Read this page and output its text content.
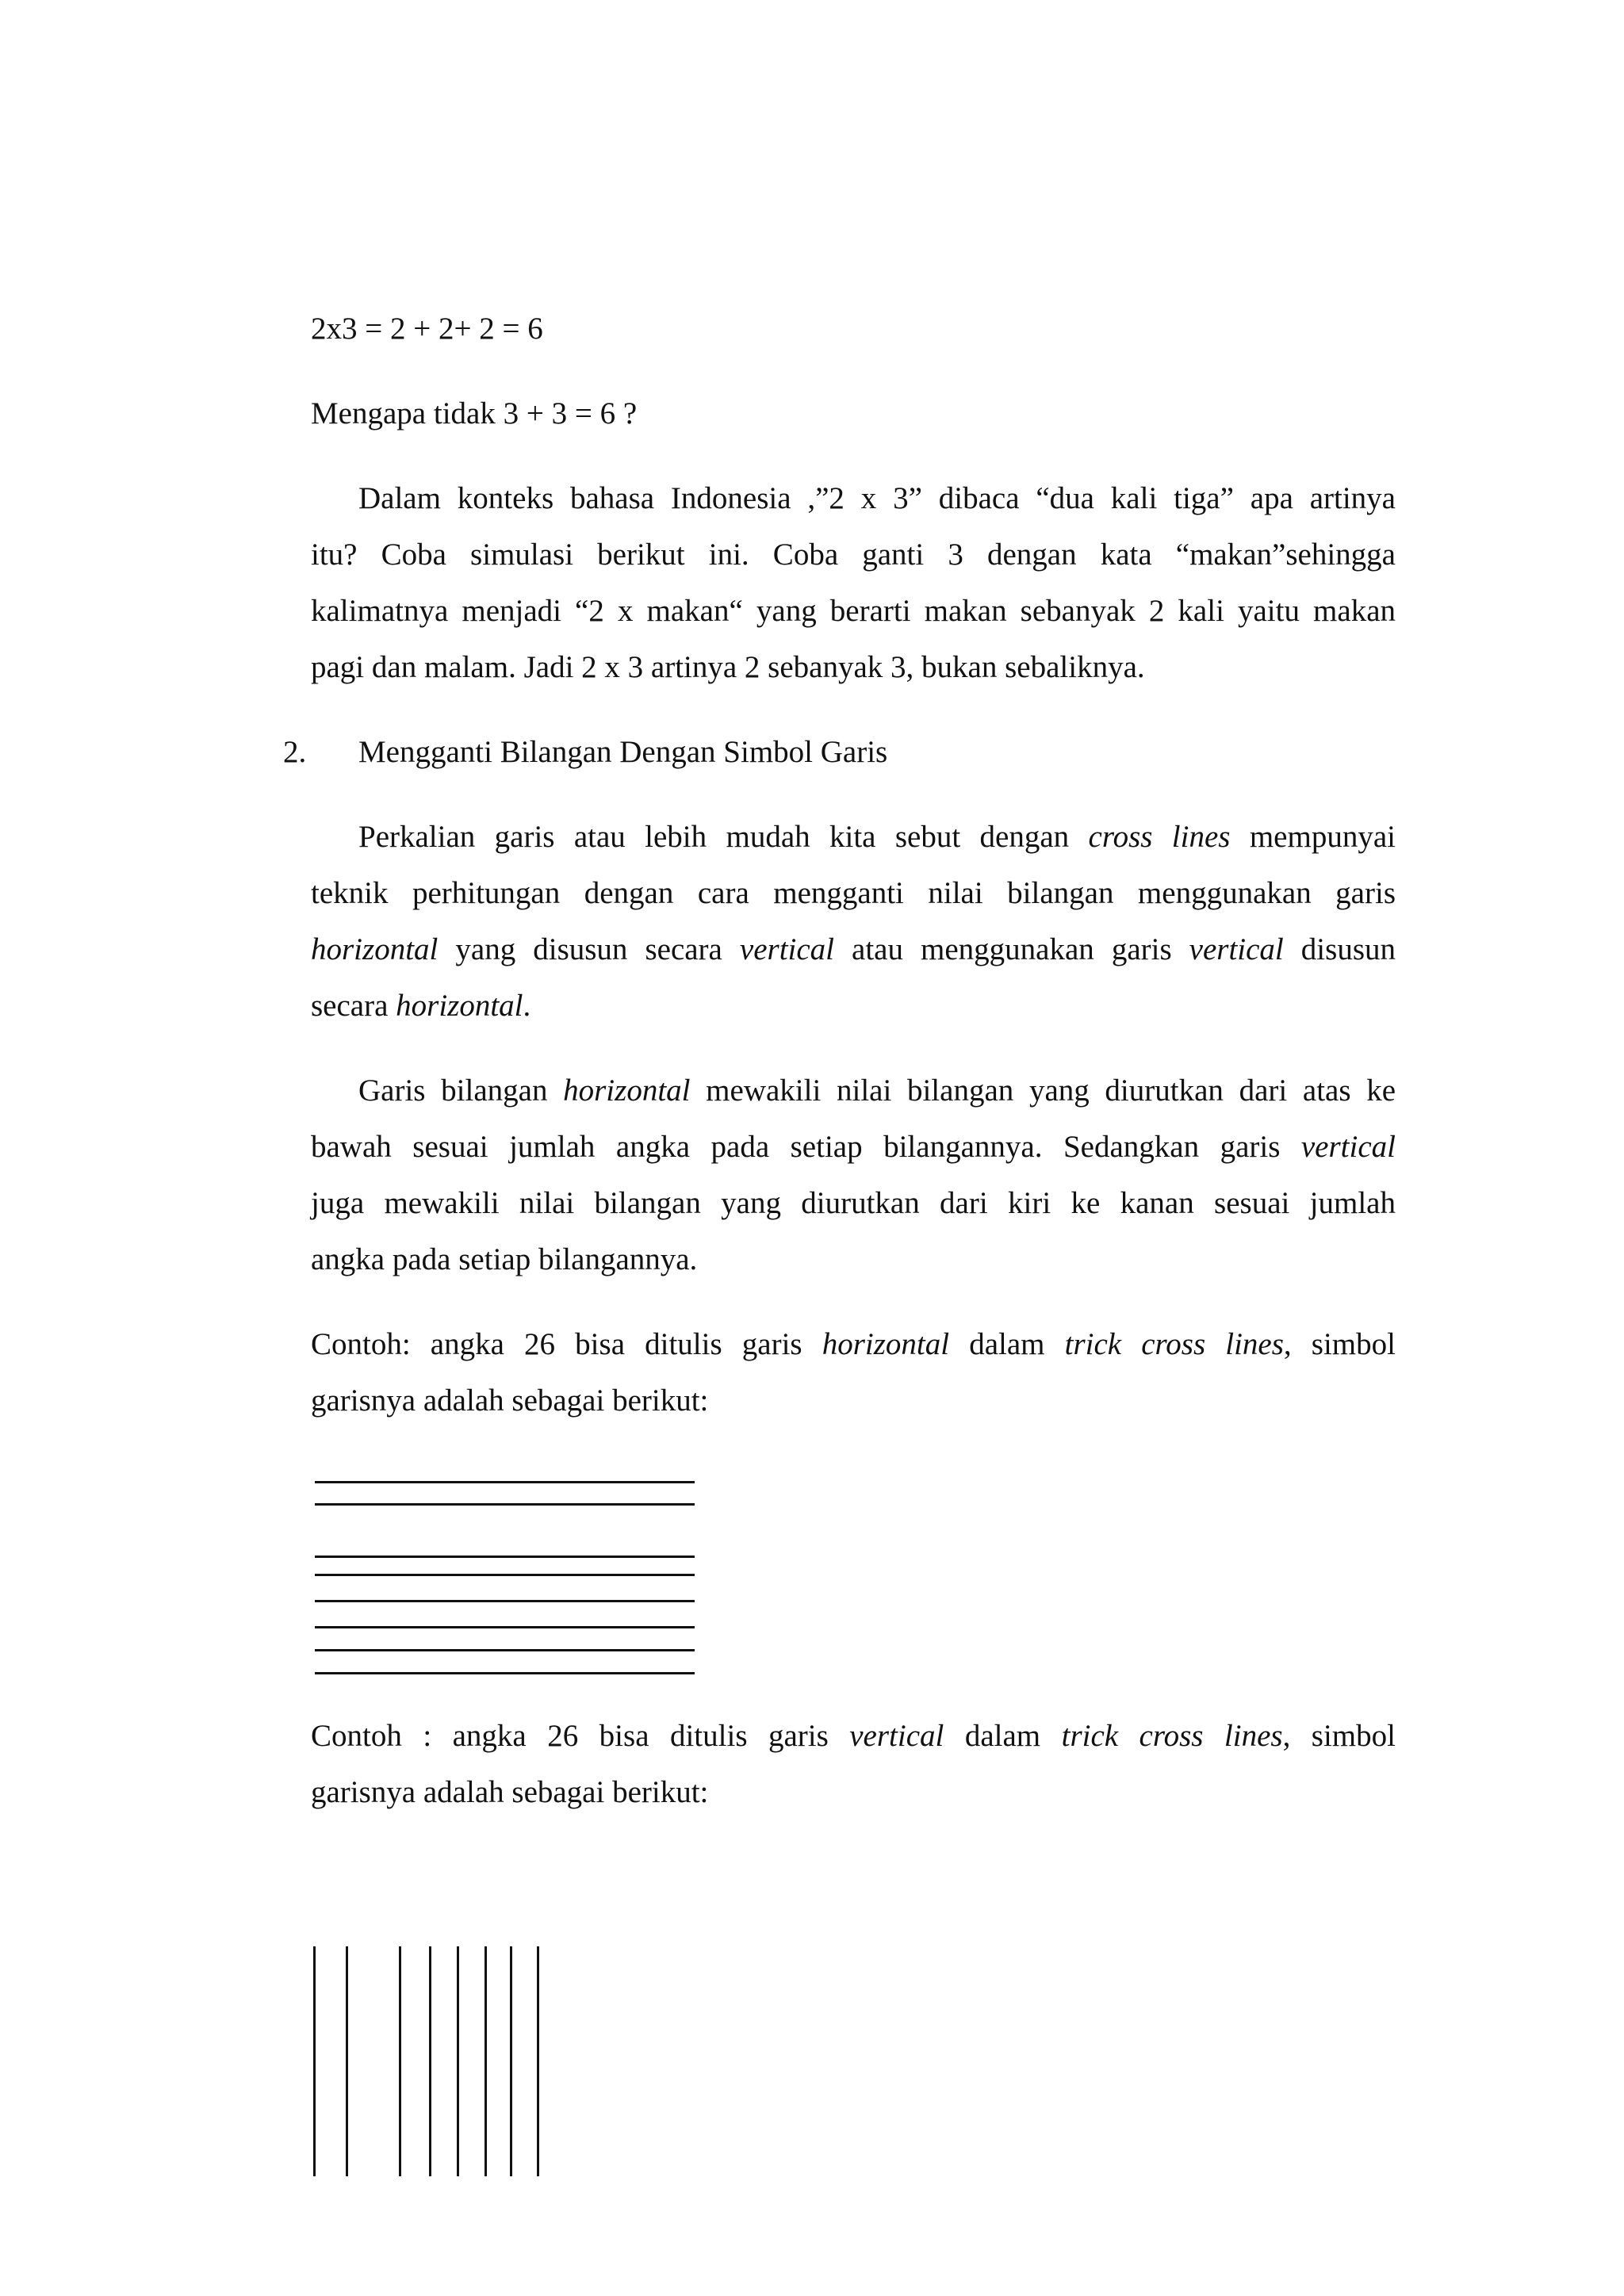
2x3 = 2 + 2+ 2 = 6
Mengapa tidak 3 + 3 = 6 ?
Dalam konteks bahasa Indonesia ,”2 x 3” dibaca “dua kali tiga” apa artinya
itu? Coba simulasi berikut ini. Coba ganti 3 dengan kata “makan”sehingga
kalimatnya menjadi “2 x makan“ yang berarti makan sebanyak 2 kali yaitu makan
pagi dan malam. Jadi 2 x 3 artinya 2 sebanyak 3, bukan sebaliknya.
2. Mengganti Bilangan Dengan Simbol Garis
Perkalian garis atau lebih mudah kita sebut dengan cross lines mempunyai
teknik perhitungan dengan cara mengganti nilai bilangan menggunakan garis
horizontal yang disusun secara vertical atau menggunakan garis vertical disusun
secara horizontal.
Garis bilangan horizontal mewakili nilai bilangan yang diurutkan dari atas ke
bawah sesuai jumlah angka pada setiap bilangannya. Sedangkan garis vertical
juga mewakili nilai bilangan yang diurutkan dari kiri ke kanan sesuai jumlah
angka pada setiap bilangannya.
Contoh: angka 26 bisa ditulis garis horizontal dalam trick cross lines, simbol
garisnya adalah sebagai berikut:
Contoh : angka 26 bisa ditulis garis vertical dalam trick cross lines, simbol
garisnya adalah sebagai berikut:
